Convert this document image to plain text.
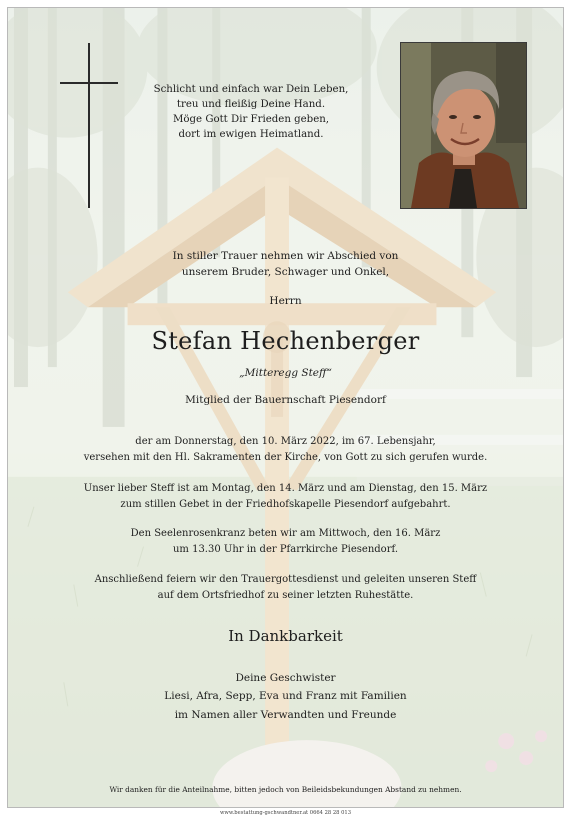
Schlicht und einfach war Dein Leben,
treu und fleißig Deine Hand.
Möge Gott Dir Frieden geben,
dort im ewigen Heimatland.
In stiller Trauer nehmen wir Abschied von
unserem Bruder, Schwager und Onkel,
Herrn
Stefan Hechenberger
„Mitteregg Steff“
Mitglied der Bauernschaft Piesendorf
der am Donnerstag, den 10. März 2022, im 67. Lebensjahr,
versehen mit den Hl. Sakramenten der Kirche, von Gott zu sich gerufen wurde.
Unser lieber Steff ist am Montag, den 14. März und am Dienstag, den 15. März
zum stillen Gebet in der Friedhofskapelle Piesendorf aufgebahrt.
Den Seelenrosenkranz beten wir am Mittwoch, den 16. März
um 13.30 Uhr in der Pfarrkirche Piesendorf.
Anschließend feiern wir den Trauergottesdienst und geleiten unseren Steff
auf dem Ortsfriedhof zu seiner letzten Ruhestätte.
In Dankbarkeit
Deine Geschwister
Liesi, Afra, Sepp, Eva und Franz mit Familien
im Namen aller Verwandten und Freunde
Wir danken für die Anteilnahme, bitten jedoch von Beileidsbekundungen Abstand zu nehmen.
www.bestattung-gschwandtner.at 0664 28 28 013
